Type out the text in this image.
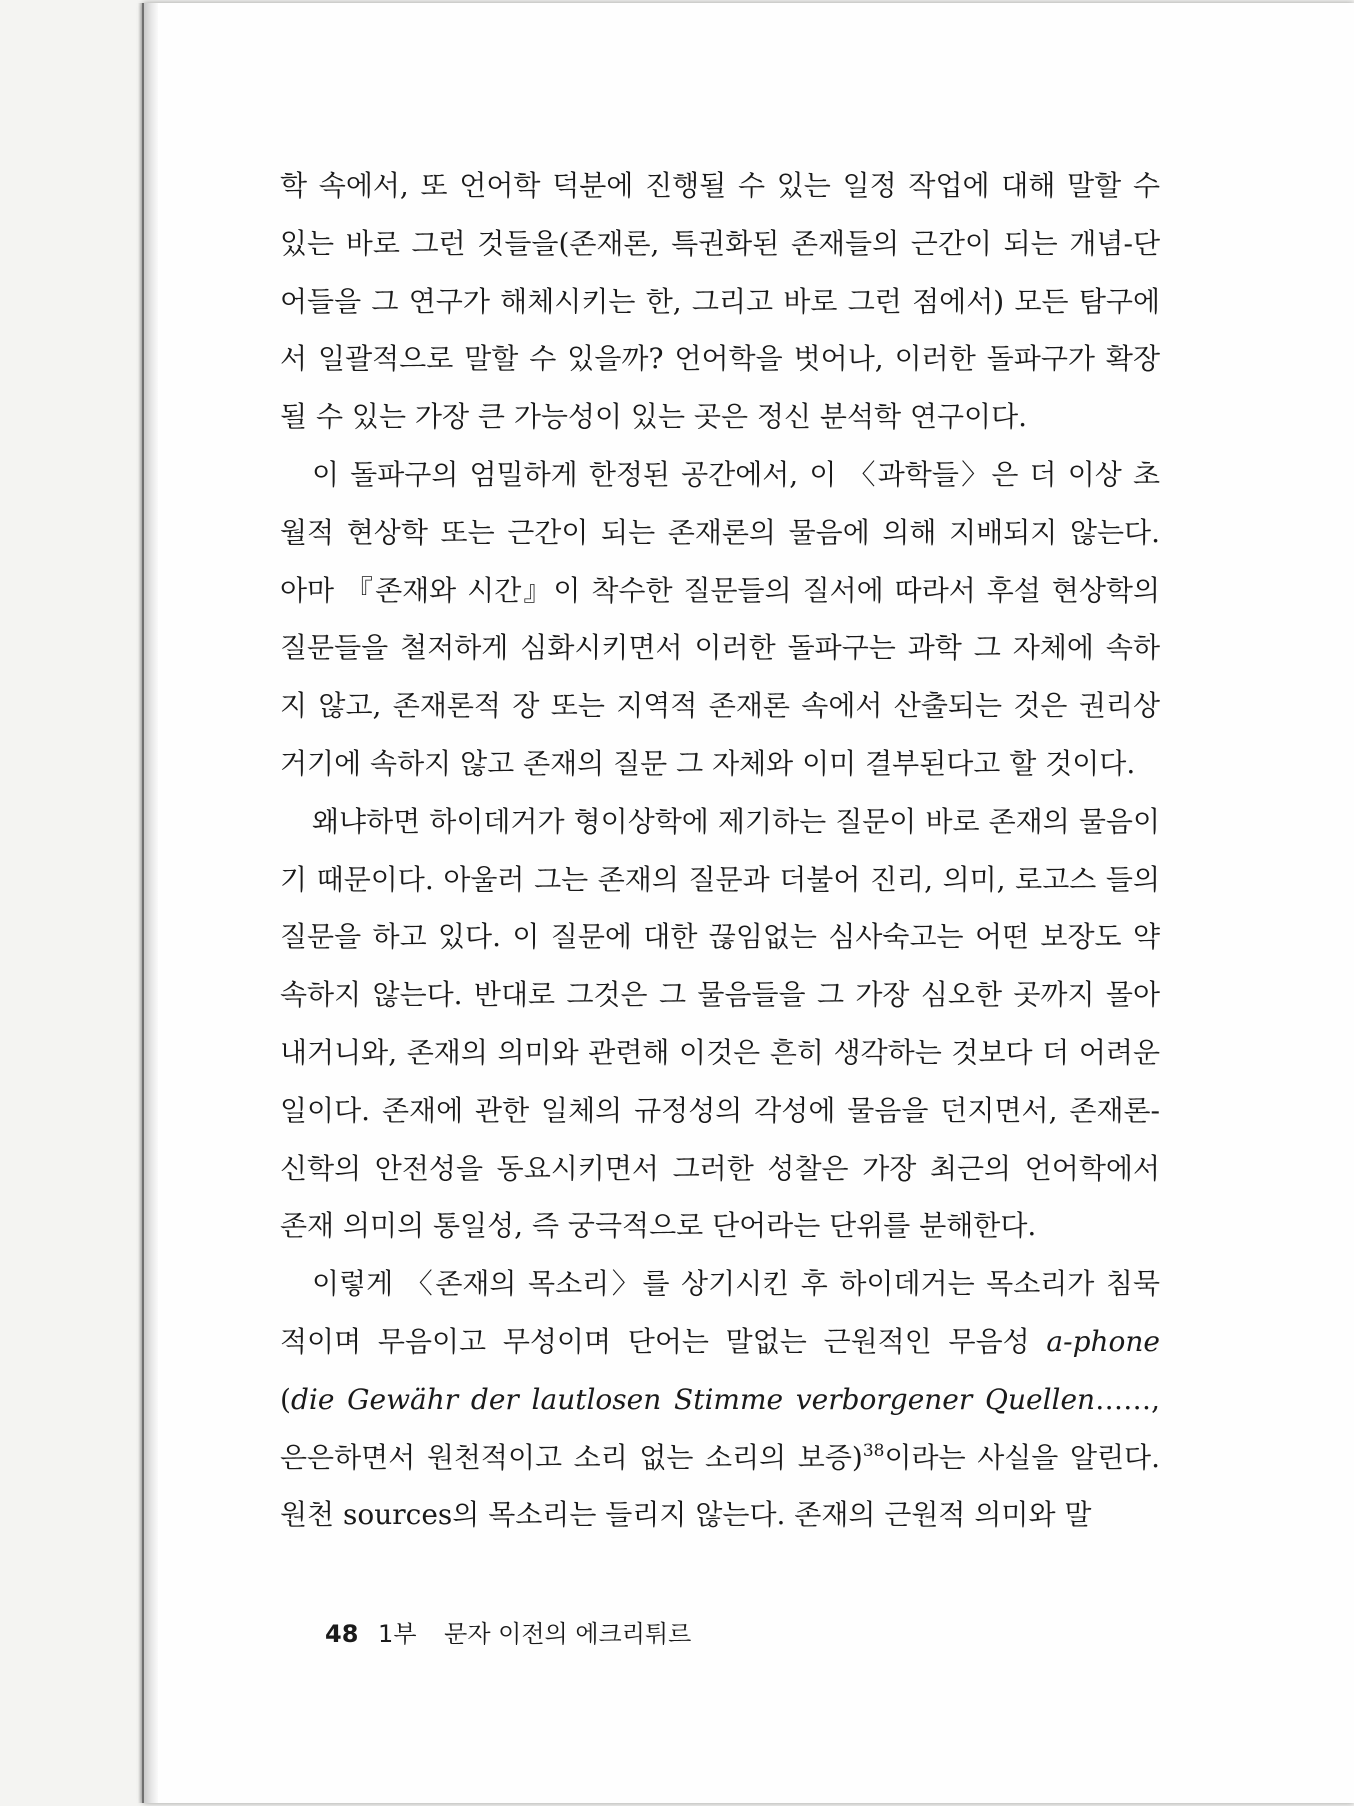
학 속에서, 또 언어학 덕분에 진행될 수 있는 일정 작업에 대해 말할 수 있는 바로 그런 것들을(존재론, 특권화된 존재들의 근간이 되는 개념-단어들을 그 연구가 해체시키는 한, 그리고 바로 그런 점에서) 모든 탐구에서 일괄적으로 말할 수 있을까? 언어학을 벗어나, 이러한 돌파구가 확장될 수 있는 가장 큰 가능성이 있는 곳은 정신 분석학 연구이다.

이 돌파구의 엄밀하게 한정된 공간에서, 이 〈과학들〉은 더 이상 초월적 현상학 또는 근간이 되는 존재론의 물음에 의해 지배되지 않는다. 아마 『존재와 시간』이 착수한 질문들의 질서에 따라서 후설 현상학의 질문들을 철저하게 심화시키면서 이러한 돌파구는 과학 그 자체에 속하지 않고, 존재론적 장 또는 지역적 존재론 속에서 산출되는 것은 권리상 거기에 속하지 않고 존재의 질문 그 자체와 이미 결부된다고 할 것이다.

왜냐하면 하이데거가 형이상학에 제기하는 질문이 바로 존재의 물음이기 때문이다. 아울러 그는 존재의 질문과 더불어 진리, 의미, 로고스 들의 질문을 하고 있다. 이 질문에 대한 끊임없는 심사숙고는 어떤 보장도 약속하지 않는다. 반대로 그것은 그 물음들을 그 가장 심오한 곳까지 몰아내거니와, 존재의 의미와 관련해 이것은 흔히 생각하는 것보다 더 어려운 일이다. 존재에 관한 일체의 규정성의 각성에 물음을 던지면서, 존재론-신학의 안전성을 동요시키면서 그러한 성찰은 가장 최근의 언어학에서 존재 의미의 통일성, 즉 궁극적으로 단어라는 단위를 분해한다.

이렇게 〈존재의 목소리〉를 상기시킨 후 하이데거는 목소리가 침묵적이며 무음이고 무성이며 단어는 말없는 근원적인 무음성 a-phone (die Gewähr der lautlosen Stimme verborgener Quellen……, 은은하면서 원천적이고 소리 없는 소리의 보증)$^{38}$이라는 사실을 알린다. 원천 sources의 목소리는 들리지 않는다. 존재의 근원적 의미와 말

48 1부 문자 이전의 에크리튀르
